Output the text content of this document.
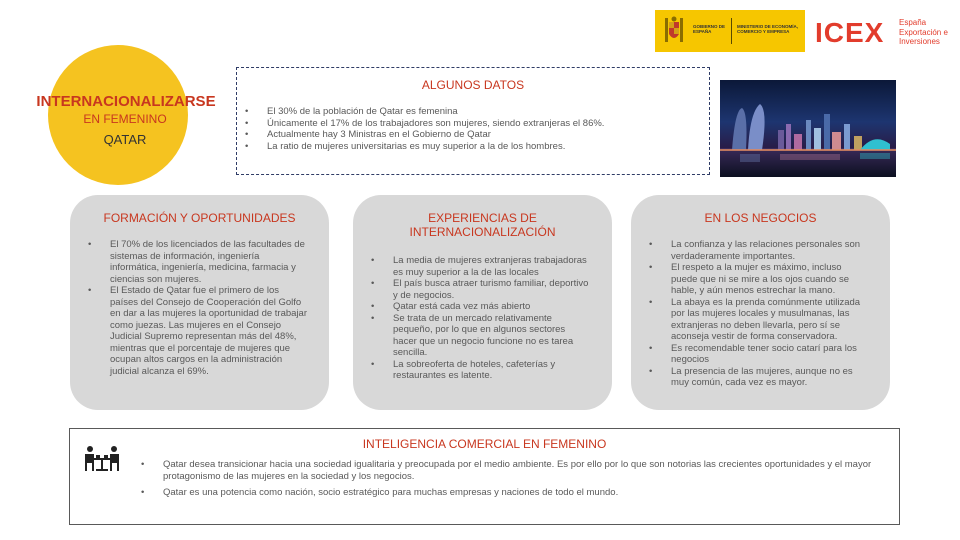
GOBIERNO DE ESPAÑA
MINISTERIO DE ECONOMÍA, COMERCIO Y EMPRESA ICEX España Exportación e Inversiones
INTERNACIONALIZARSE
EN FEMENINO
QATAR
ALGUNOS DATOS
• El 30% de la población de Qatar es femenina
• Únicamente el 17% de los trabajadores son mujeres, siendo extranjeras el 86%.
• Actualmente hay 3 Ministras en el Gobierno de Qatar
• La ratio de mujeres universitarias es muy superior a la de los hombres.
FORMACIÓN Y OPORTUNIDADES
• El 70% de los licenciados de las facultades de sistemas de información, ingeniería informática, ingeniería, medicina, farmacia y ciencias son mujeres.
• El Estado de Qatar fue el primero de los países del Consejo de Cooperación del Golfo en dar a las mujeres la oportunidad de trabajar como juezas. Las mujeres en el Consejo Judicial Supremo representan más del 48%, mientras que el porcentaje de mujeres que ocupan altos cargos en la administración judicial alcanza el 69%.
EXPERIENCIAS DE INTERNACIONALIZACIÓN
• La media de mujeres extranjeras trabajadoras es muy superior a la de las locales
• El país busca atraer turismo familiar, deportivo y de negocios.
• Qatar está cada vez más abierto
• Se trata de un mercado relativamente pequeño, por lo que en algunos sectores hacer que un negocio funcione no es tarea sencilla.
• La sobreoferta de hoteles, cafeterías y restaurantes es latente.
EN LOS NEGOCIOS
• La confianza y las relaciones personales son verdaderamente importantes.
• El respeto a la mujer es máximo, incluso puede que ni se mire a los ojos cuando se hable, y aún menos estrechar la mano.
• La abaya es la prenda comúnmente utilizada por las mujeres locales y musulmanas, las extranjeras no deben llevarla, pero sí se aconseja vestir de forma conservadora.
• Es recomendable tener socio catarí para los negocios
• La presencia de las mujeres, aunque no es muy común, cada vez es mayor.
INTELIGENCIA COMERCIAL EN FEMENINO
• Qatar desea transicionar hacia una sociedad igualitaria y preocupada por el medio ambiente. Es por ello por lo que son notorias las crecientes oportunidades y el mayor protagonismo de las mujeres en la sociedad y los negocios.
• Qatar es una potencia como nación, socio estratégico para muchas empresas y naciones de todo el mundo.
